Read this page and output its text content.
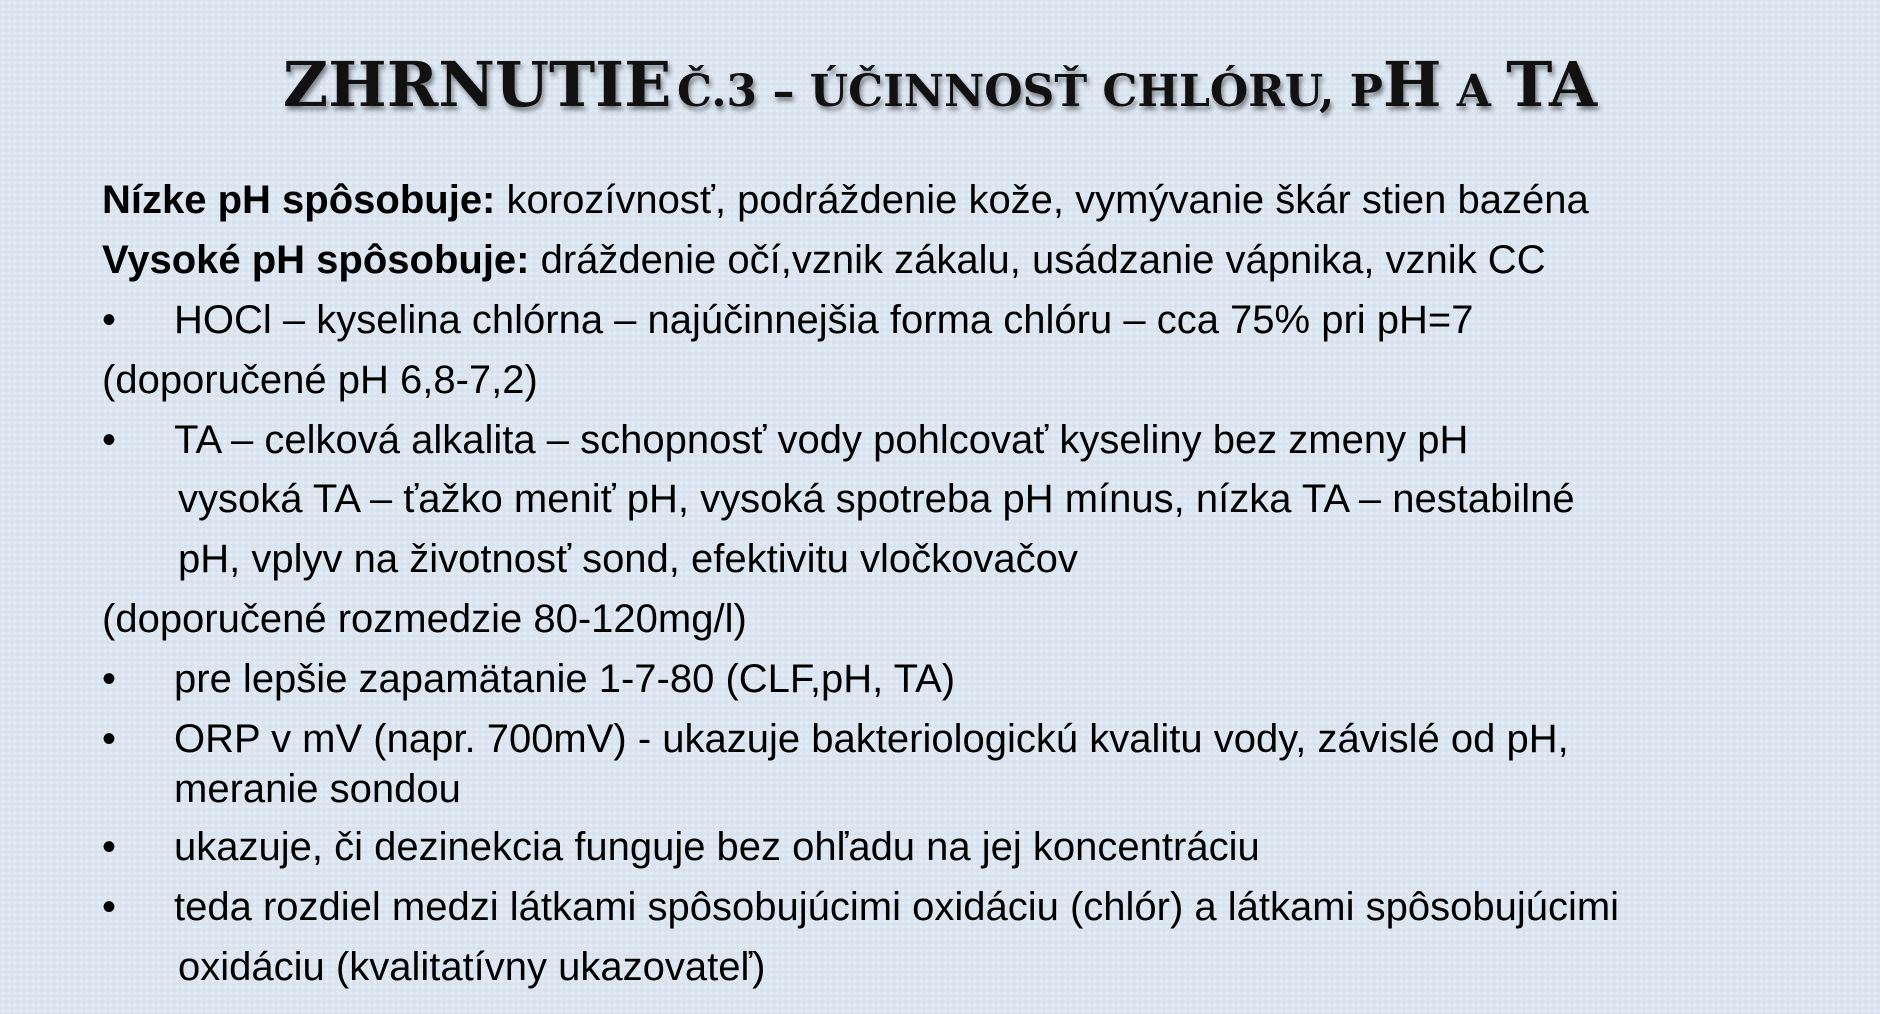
ZHRNUTIE Č.3 – ÚČINNOSŤ CHLÓRU, PH A TA
Nízke pH spôsobuje: korozívnosť, podráždenie kože, vymývanie škár stien bazéna
Vysoké pH spôsobuje: dráždenie očí,vznik zákalu, usádzanie vápnika, vznik CC
• HOCl – kyselina chlórna – najúčinnejšia forma chlóru – cca 75% pri pH=7
(doporučené pH 6,8-7,2)
• TA – celková alkalita – schopnosť vody pohlcovať kyseliny bez zmeny pH
vysoká TA – ťažko meniť pH, vysoká spotreba pH mínus, nízka TA – nestabilné
pH, vplyv na životnosť sond, efektivitu vločkovačov
(doporučené rozmedzie 80-120mg/l)
• pre lepšie zapamätanie 1-7-80 (CLF,pH, TA)
• ORP v mV (napr. 700mV) - ukazuje bakteriologickú kvalitu vody, závislé od pH,
meranie sondou
• ukazuje, či dezinekcia funguje bez ohľadu na jej koncentráciu
• teda rozdiel medzi látkami spôsobujúcimi oxidáciu (chlór) a látkami spôsobujúcimi
oxidáciu (kvalitatívny ukazovateľ)
